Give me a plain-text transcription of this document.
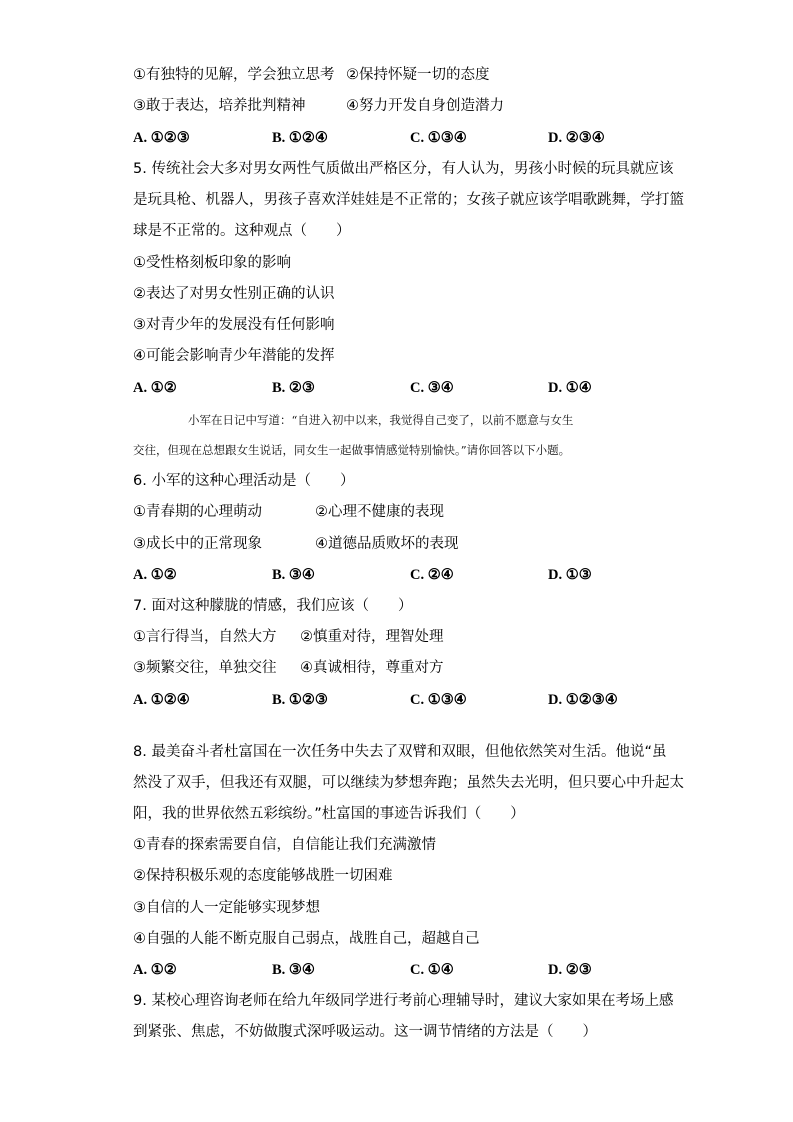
①有独特的见解，学会独立思考 ②保持怀疑一切的态度
③敢于表达，培养批判精神	④努力开发自身创造潜力
A. ①②③	B. ①②④	C. ①③④	D. ②③④
5. 传统社会大多对男女两性气质做出严格区分，有人认为，男孩小时候的玩具就应该
是玩具枪、机器人，男孩子喜欢洋娃娃是不正常的；女孩子就应该学唱歌跳舞，学打篮
球是不正常的。这种观点（　　）
①受性格刻板印象的影响
②表达了对男女性别正确的认识
③对青少年的发展没有任何影响
④可能会影响青少年潜能的发挥
A. ①②	B. ②③	C. ③④	D. ①④
小军在日记中写道：“自进入初中以来，我觉得自己变了，以前不愿意与女生
交往，但现在总想跟女生说话，同女生一起做事情感觉特别愉快。”请你回答以下小题。
6. 小军的这种心理活动是（　　）
①青春期的心理萌动	②心理不健康的表现
③成长中的正常现象	④道德品质败坏的表现
A. ①②	B. ③④	C. ②④	D. ①③
7. 面对这种朦胧的情感，我们应该（　　）
①言行得当，自然大方 ②慎重对待，理智处理
③频繁交往，单独交往 ④真诚相待，尊重对方
A. ①②④	B. ①②③	C. ①③④	D. ①②③④
8. 最美奋斗者杜富国在一次任务中失去了双臂和双眼，但他依然笑对生活。他说“虽
然没了双手，但我还有双腿，可以继续为梦想奔跑；虽然失去光明，但只要心中升起太
阳，我的世界依然五彩缤纷。”杜富国的事迹告诉我们（　　）
①青春的探索需要自信，自信能让我们充满激情
②保持积极乐观的态度能够战胜一切困难
③自信的人一定能够实现梦想
④自强的人能不断克服自己弱点，战胜自己，超越自己
A. ①②	B. ③④	C. ①④	D. ②③
9. 某校心理咨询老师在给九年级同学进行考前心理辅导时，建议大家如果在考场上感
到紧张、焦虑，不妨做腹式深呼吸运动。这一调节情绪的方法是（　　）
